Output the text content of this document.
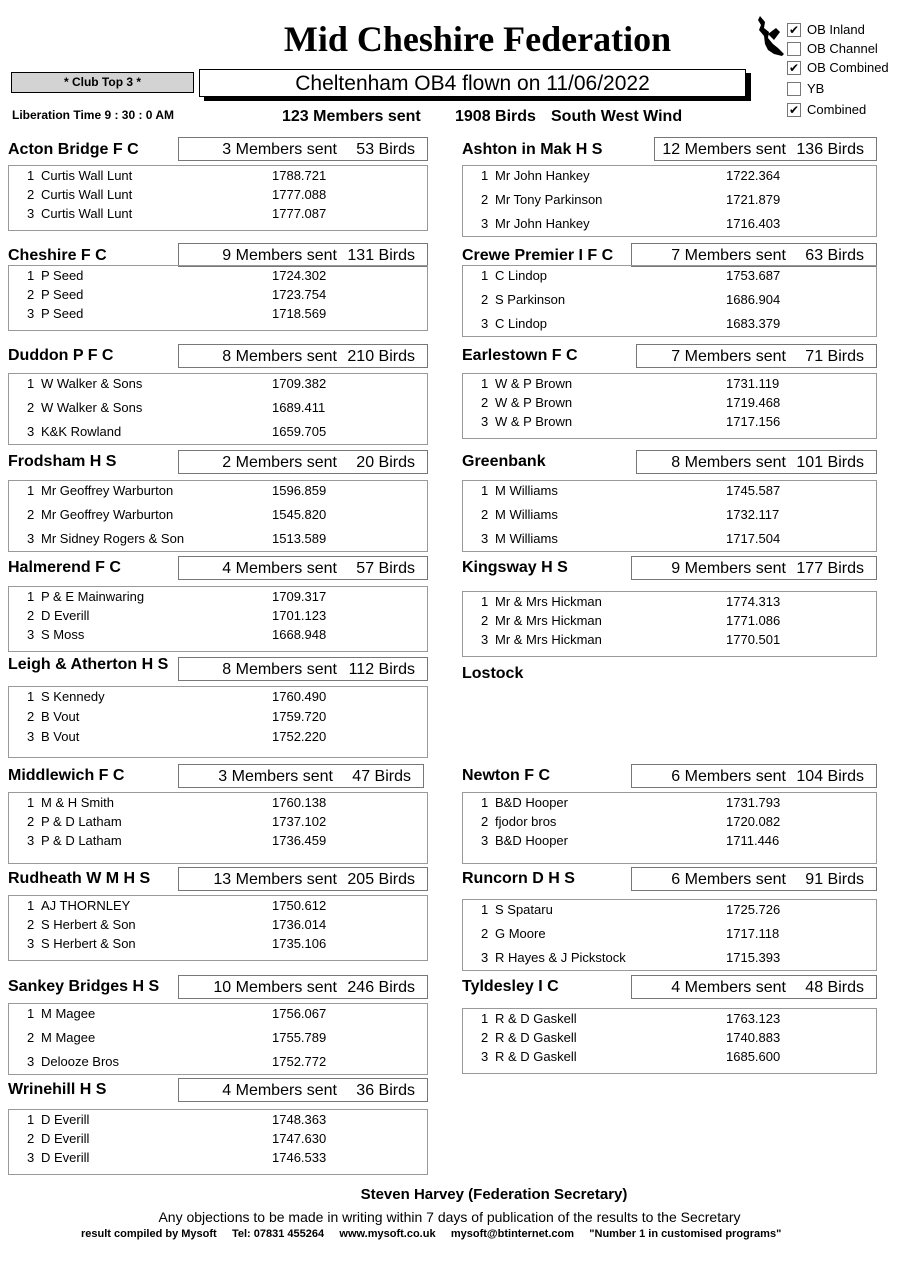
Mid Cheshire Federation
* Club Top 3 *	Cheltenham OB4 flown on 11/06/2022
Liberation Time 9 : 30 : 0 AM	123 Members sent 1908 Birds South West Wind
✔ OB Inland
OB Channel
✔ OB Combined
YB
✔ Combined
Acton Bridge F C	3 Members sent 53 Birds
1 Curtis Wall Lunt	1788.721
2 Curtis Wall Lunt	1777.088
3 Curtis Wall Lunt	1777.087
Ashton in Mak H S	12 Members sent 136 Birds
1 Mr John Hankey	1722.364
2 Mr Tony Parkinson	1721.879
3 Mr John Hankey	1716.403
Cheshire F C	9 Members sent 131 Birds
1 P Seed	1724.302
2 P Seed	1723.754
3 P Seed	1718.569
Crewe Premier I F C	7 Members sent 63 Birds
1 C Lindop	1753.687
2 S Parkinson	1686.904
3 C Lindop	1683.379
Duddon P F C	8 Members sent 210 Birds
1 W Walker & Sons	1709.382
2 W Walker & Sons	1689.411
3 K&K Rowland	1659.705
Earlestown F C	7 Members sent 71 Birds
1 W & P Brown	1731.119
2 W & P Brown	1719.468
3 W & P Brown	1717.156
Frodsham H S	2 Members sent 20 Birds
1 Mr Geoffrey Warburton	1596.859
2 Mr Geoffrey Warburton	1545.820
3 Mr Sidney Rogers & Son	1513.589
Greenbank	8 Members sent 101 Birds
1 M Williams	1745.587
2 M Williams	1732.117
3 M Williams	1717.504
Halmerend F C	4 Members sent 57 Birds
1 P & E Mainwaring	1709.317
2 D Everill	1701.123
3 S Moss	1668.948
Kingsway H S	9 Members sent 177 Birds
1 Mr & Mrs Hickman	1774.313
2 Mr & Mrs Hickman	1771.086
3 Mr & Mrs Hickman	1770.501
Leigh & Atherton H S	8 Members sent 112 Birds
1 S Kennedy	1760.490
2 B Vout	1759.720
3 B Vout	1752.220
Lostock
Middlewich F C	3 Members sent 47 Birds
1 M & H Smith	1760.138
2 P & D Latham	1737.102
3 P & D Latham	1736.459
Newton F C	6 Members sent 104 Birds
1 B&D Hooper	1731.793
2 fjodor bros	1720.082
3 B&D Hooper	1711.446
Rudheath W M H S	13 Members sent 205 Birds
1 AJ THORNLEY	1750.612
2 S Herbert & Son	1736.014
3 S Herbert & Son	1735.106
Runcorn D H S	6 Members sent 91 Birds
1 S Spataru	1725.726
2 G Moore	1717.118
3 R Hayes & J Pickstock	1715.393
Sankey Bridges H S	10 Members sent 246 Birds
1 M Magee	1756.067
2 M Magee	1755.789
3 Delooze Bros	1752.772
Tyldesley I C	4 Members sent 48 Birds
1 R & D Gaskell	1763.123
2 R & D Gaskell	1740.883
3 R & D Gaskell	1685.600
Wrinehill H S	4 Members sent 36 Birds
1 D Everill	1748.363
2 D Everill	1747.630
3 D Everill	1746.533
Steven Harvey (Federation Secretary)
Any objections to be made in writing within 7 days of publication of the results to the Secretary
result compiled by Mysoft     Tel: 07831 455264     www.mysoft.co.uk     mysoft@btinternet.com     "Number 1 in customised programs"
